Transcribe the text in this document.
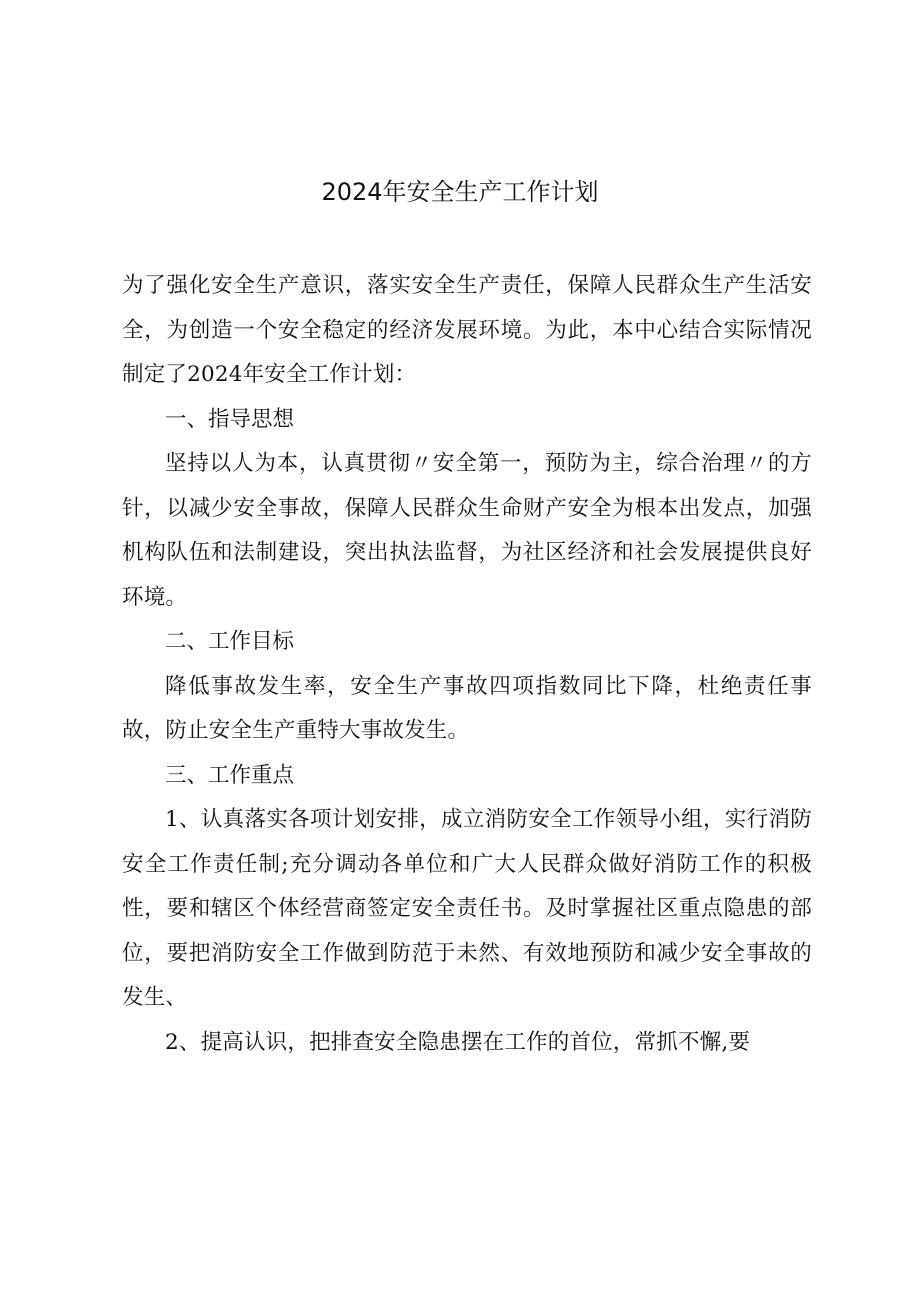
2024年安全生产工作计划

为了强化安全生产意识，落实安全生产责任，保障人民群众生产生活安全，为创造一个安全稳定的经济发展环境。为此，本中心结合实际情况制定了2024年安全工作计划：

一、指导思想

坚持以人为本，认真贯彻〃安全第一，预防为主，综合治理〃的方针，以减少安全事故，保障人民群众生命财产安全为根本出发点，加强机构队伍和法制建设，突出执法监督，为社区经济和社会发展提供良好环境。

二、工作目标

降低事故发生率，安全生产事故四项指数同比下降，杜绝责任事故，防止安全生产重特大事故发生。

三、工作重点

1、认真落实各项计划安排，成立消防安全工作领导小组，实行消防安全工作责任制;充分调动各单位和广大人民群众做好消防工作的积极性，要和辖区个体经营商签定安全责任书。及时掌握社区重点隐患的部位，要把消防安全工作做到防范于未然、有效地预防和减少安全事故的发生、

2、提高认识，把排查安全隐患摆在工作的首位，常抓不懈,要
